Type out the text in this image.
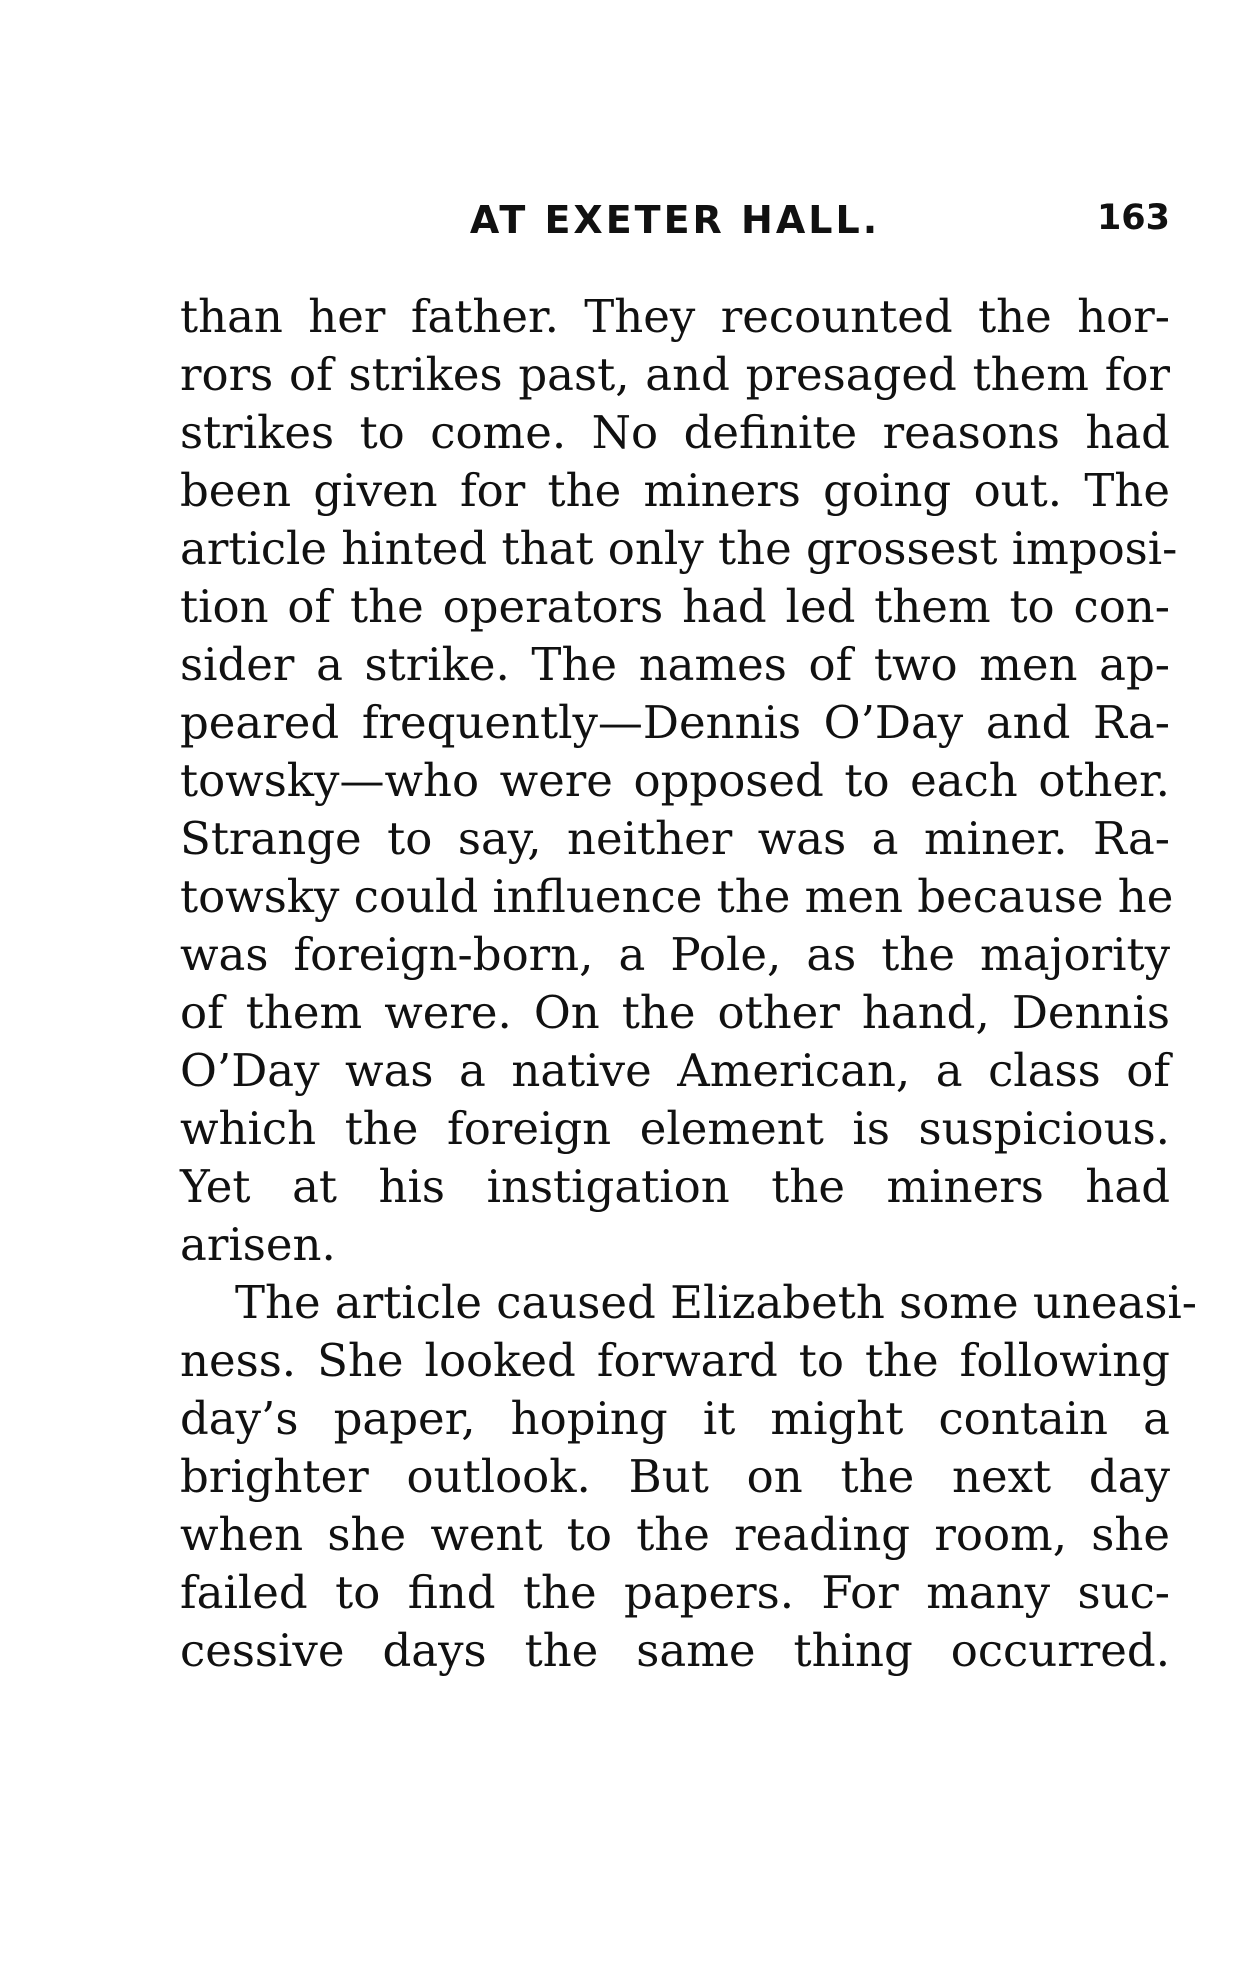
AT EXETER HALL.	163
than her father. They recounted the hor-
rors of strikes past, and presaged them for
strikes to come. No definite reasons had
been given for the miners going out. The
article hinted that only the grossest imposi-
tion of the operators had led them to con-
sider a strike. The names of two men ap-
peared frequently—Dennis O’Day and Ra-
towsky—who were opposed to each other.
Strange to say, neither was a miner. Ra-
towsky could influence the men because he
was foreign-born, a Pole, as the majority
of them were. On the other hand, Dennis
O’Day was a native American, a class of
which the foreign element is suspicious.
Yet at his instigation the miners had
arisen.
The article caused Elizabeth some uneasi-
ness. She looked forward to the following
day’s paper, hoping it might contain a
brighter outlook. But on the next day
when she went to the reading room, she
failed to find the papers. For many suc-
cessive days the same thing occurred.
